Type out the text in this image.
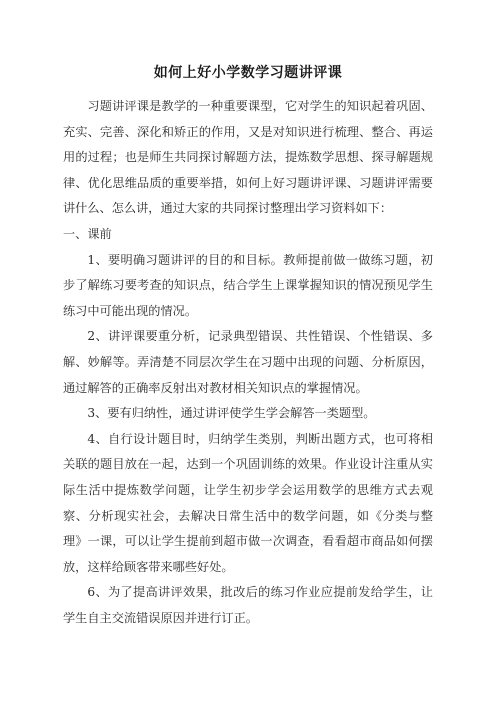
如何上好小学数学习题讲评课

习题讲评课是教学的一种重要课型，它对学生的知识起着巩固、充实、完善、深化和矫正的作用，又是对知识进行梳理、整合、再运用的过程；也是师生共同探讨解题方法，提炼数学思想、探寻解题规律、优化思维品质的重要举措，如何上好习题讲评课、习题讲评需要讲什么、怎么讲，通过大家的共同探讨整理出学习资料如下：

一、课前

1、要明确习题讲评的目的和目标。教师提前做一做练习题，初步了解练习要考查的知识点，结合学生上课掌握知识的情况预见学生练习中可能出现的情况。

2、讲评课要重分析，记录典型错误、共性错误、个性错误、多解、妙解等。弄清楚不同层次学生在习题中出现的问题、分析原因，通过解答的正确率反射出对教材相关知识点的掌握情况。

3、要有归纳性，通过讲评使学生学会解答一类题型。

4、自行设计题目时，归纳学生类别，判断出题方式，也可将相关联的题目放在一起，达到一个巩固训练的效果。作业设计注重从实际生活中提炼数学问题，让学生初步学会运用数学的思维方式去观察、分析现实社会，去解决日常生活中的数学问题，如《分类与整理》一课，可以让学生提前到超市做一次调查，看看超市商品如何摆放，这样给顾客带来哪些好处。

6、为了提高讲评效果，批改后的练习作业应提前发给学生，让学生自主交流错误原因并进行订正。
